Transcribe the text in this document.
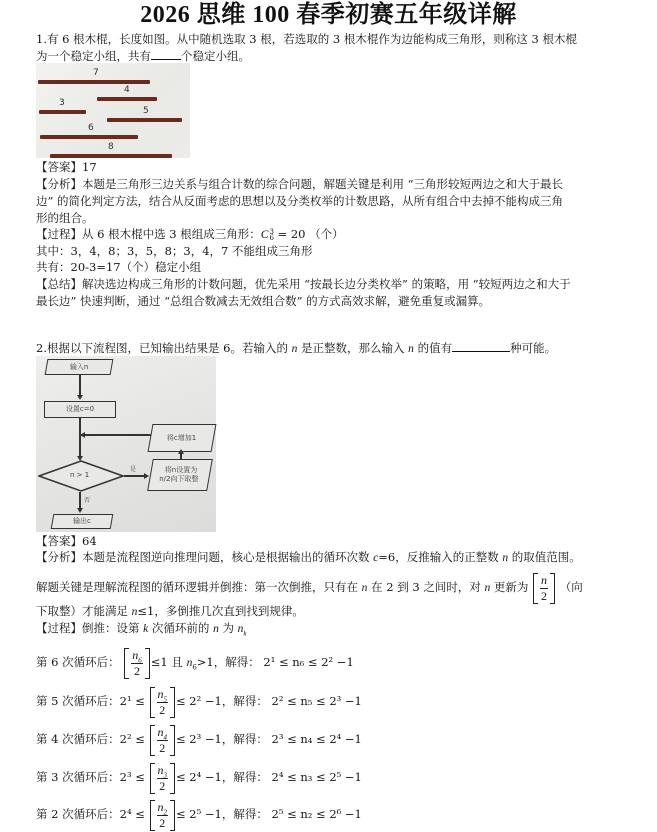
2026 思维 100 春季初赛五年级详解
1.有 6 根木棍，长度如图。从中随机选取 3 根，若选取的 3 根木棍作为边能构成三角形，则称这 3 根木棍
为一个稳定小组，共有	个稳定小组。
7
4
3
5
6
8
【答案】17
【分析】本题是三角形三边关系与组合计数的综合问题，解题关键是利用 “三角形较短两边之和大于最长
边” 的简化判定方法，结合从反面考虑的思想以及分类枚举的计数思路，从所有组合中去掉不能构成三角
形的组合。
【过程】从 6 根木棍中选 3 根组成三角形：C 3
6 = 20 （个）
其中：3，4，8；3，5，8；3，4，7 不能组成三角形
共有：20-3=17（个）稳定小组
【总结】解决选边构成三角形的计数问题，优先采用 “按最长边分类枚举” 的策略，用 “较短两边之和大于
最长边” 快速判断，通过 “总组合数减去无效组合数” 的方式高效求解，避免重复或漏算。
2.根据以下流程图，已知输出结果是 6。若输入的 n 是正整数，那么输入 n 的值有	种可能。
输入n
设置c=0
将c增加1
n > 1
是	将n设置为
n/2向下取整
否
输出c
【答案】64
【分析】本题是流程图逆向推理问题，核心是根据输出的循环次数 c=6，反推输入的正整数 n 的取值范围。
解题关键是理解流程图的循环逻辑并倒推：第一次倒推，只有在 n 在 2 到 3 之间时，对 n 更新为 $\frac{n}{2}$ （向
下取整）才能满足 n≤1，多倒推几次直到找到规律。
【过程】倒推：设第 k 次循环前的 n 为 $n_k$
第 6 次循环后： $\frac{n_6}{2} \le 1$ 且 $n_6>1$，解得： 2¹ ≤ n₆ ≤ 2² −1
第 5 次循环后：$2^1 \le \frac{n_5}{2} \le 2^2 -1$，解得： 2² ≤ n₅ ≤ 2³ −1
第 4 次循环后：$2^2 \le \frac{n_4}{2} \le 2^3 -1$，解得： 2³ ≤ n₄ ≤ 2⁴ −1
第 3 次循环后：$2^3 \le \frac{n_3}{2} \le 2^4 -1$，解得： 2⁴ ≤ n₃ ≤ 2⁵ −1
第 2 次循环后：$2^4 \le \frac{n_2}{2} \le 2^5 -1$，解得： 2⁵ ≤ n₂ ≤ 2⁶ −1
